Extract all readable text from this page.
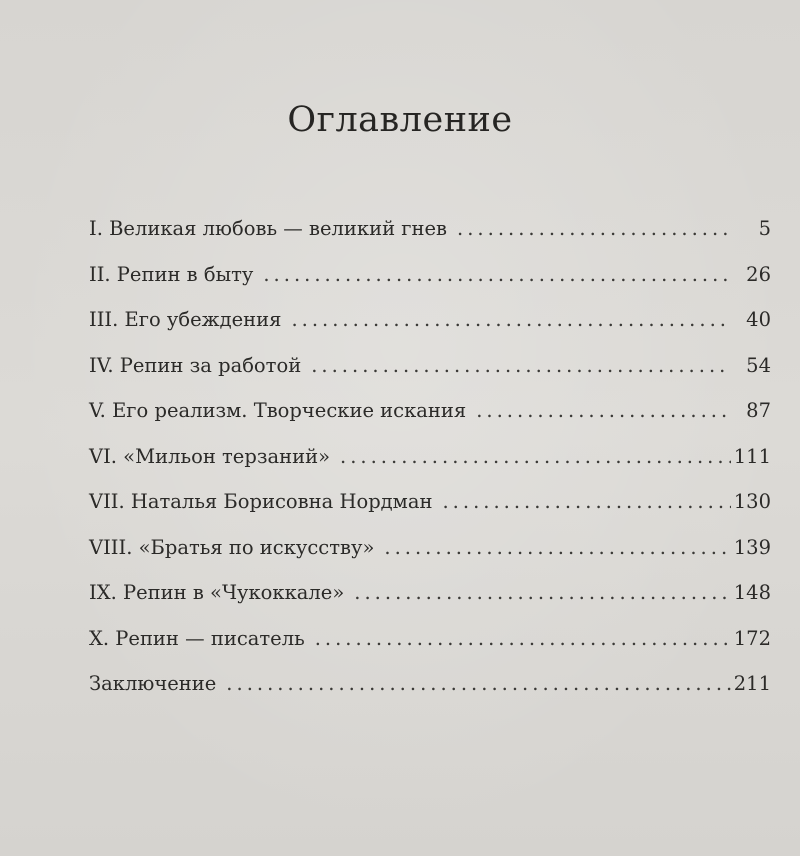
Оглавление
I. Великая любовь — великий гнев .....	5
II. Репин в быту .....	26
III. Его убеждения .....	40
IV. Репин за работой .....	54
V. Его реализм. Творческие искания .....	87
VI. «Мильон терзаний» .....	111
VII. Наталья Борисовна Нордман .....	130
VIII. «Братья по искусству» .....	139
IX. Репин в «Чукоккале» .....	148
X. Репин — писатель .....	172
Заключение .....	211
